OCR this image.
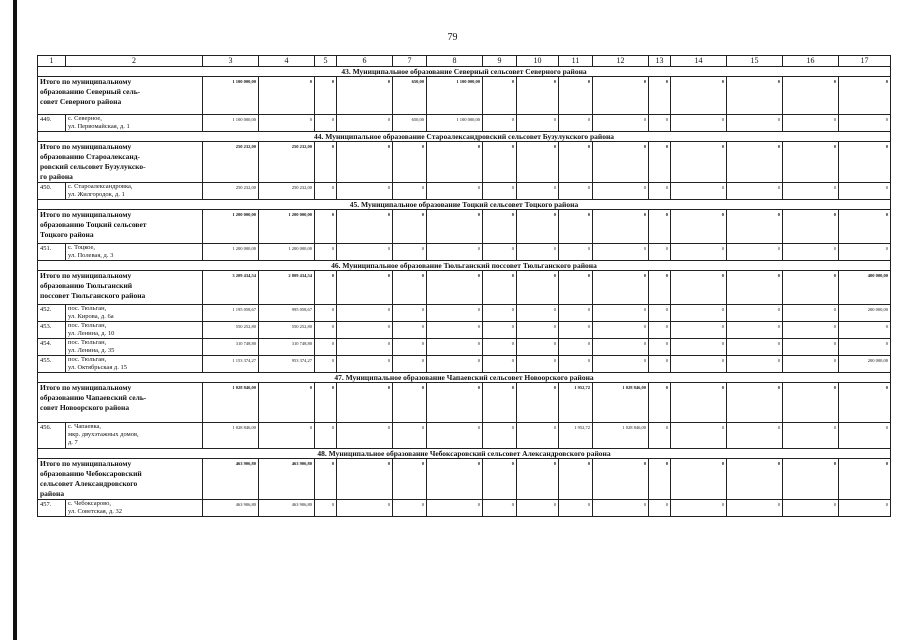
79
1	2	3	4	5	6	7	8	9	10	11	12	13	14	15	16	17
43. Муниципальное образование Северный сельсовет Северного района																

Итого по муниципальному
образованию Северный сель-
совет Северного района		1 100 000,00	0	0	0	650,00	1 100 000,00	0	0	0	0	0	0	0	0	0
449.	с. Северное,
ул. Первомайская, д. 1	1 100 000,00	0	0	0	650,00	1 100 000,00	0	0	0	0	0	0	0	0	0
44. Муниципальное образование Староалександровский сельсовет Бузулукского района																

Итого по муниципальному
образованию Староалександ-
ровский сельсовет Бузулукско-
го района		250 232,00	250 232,00	0	0	0	0	0	0	0	0	0	0	0	0	0
450.	с. Староалександровка,
ул. Жилгородок, д. 1	250 232,00	250 232,00	0	0	0	0	0	0	0	0	0	0	0	0	0
45. Муниципальное образование Тоцкий сельсовет Тоцкого района																

Итого по муниципальному
образованию Тоцкий сельсовет
Тоцкого района		1 200 000,00	1 200 000,00	0	0	0	0	0	0	0	0	0	0	0	0	0
451.	с. Тоцкое,
ул. Полевая, д. 3	1 200 000,00	1 200 000,00	0	0	0	0	0	0	0	0	0	0	0	0	0
46. Муниципальное образование Тюльганский поссовет Тюльганского района																

Итого по муниципальному
образованию Тюльганский
поссовет Тюльганского района		3 209 434,54	2 809 434,54	0	0	0	0	0	0	0	0	0	0	0	0	400 000,00
452.	пос. Тюльган,
ул. Кирова, д. 6а	1 195 058,67	995 058,67	0	0	0	0	0	0	0	0	0	0	0	0	200 000,00
453.	пос. Тюльган,
ул. Ленина, д. 10	550 252,80	550 252,80	0	0	0	0	0	0	0	0	0	0	0	0	0
454.	пос. Тюльган,
ул. Ленина, д. 35	310 748,80	310 748,80	0	0	0	0	0	0	0	0	0	0	0	0	0
455.	пос. Тюльган,
ул. Октябрьская д. 15	1 153 374,27	953 374,27	0	0	0	0	0	0	0	0	0	0	0	0	200 000,00
47. Муниципальное образование Чапаевский сельсовет Новоорского района																

Итого по муниципальному
образованию Чапаевский сель-
совет Новоорского района		1 028 846,00	0	0	0	0	0	0	0	1 952,72	1 028 846,00	0	0	0	0	0
456.	с. Чапаевка,
мкр. двухэтажных домов,
д. 7	1 028 846,00	0	0	0	0	0	0	0	1 952,72	1 028 846,00	0	0	0	0	0
48. Муниципальное образование Чебоксаровский сельсовет Александровского района																

Итого по муниципальному
образованию Чебоксаровский
сельсовет Александровского
района		463 906,80	463 906,80	0	0	0	0	0	0	0	0	0	0	0	0	0
457.	с. Чебоксарово,
ул. Советская, д. 32	463 906,80	463 906,80	0	0	0	0	0	0	0	0	0	0	0	0	0
